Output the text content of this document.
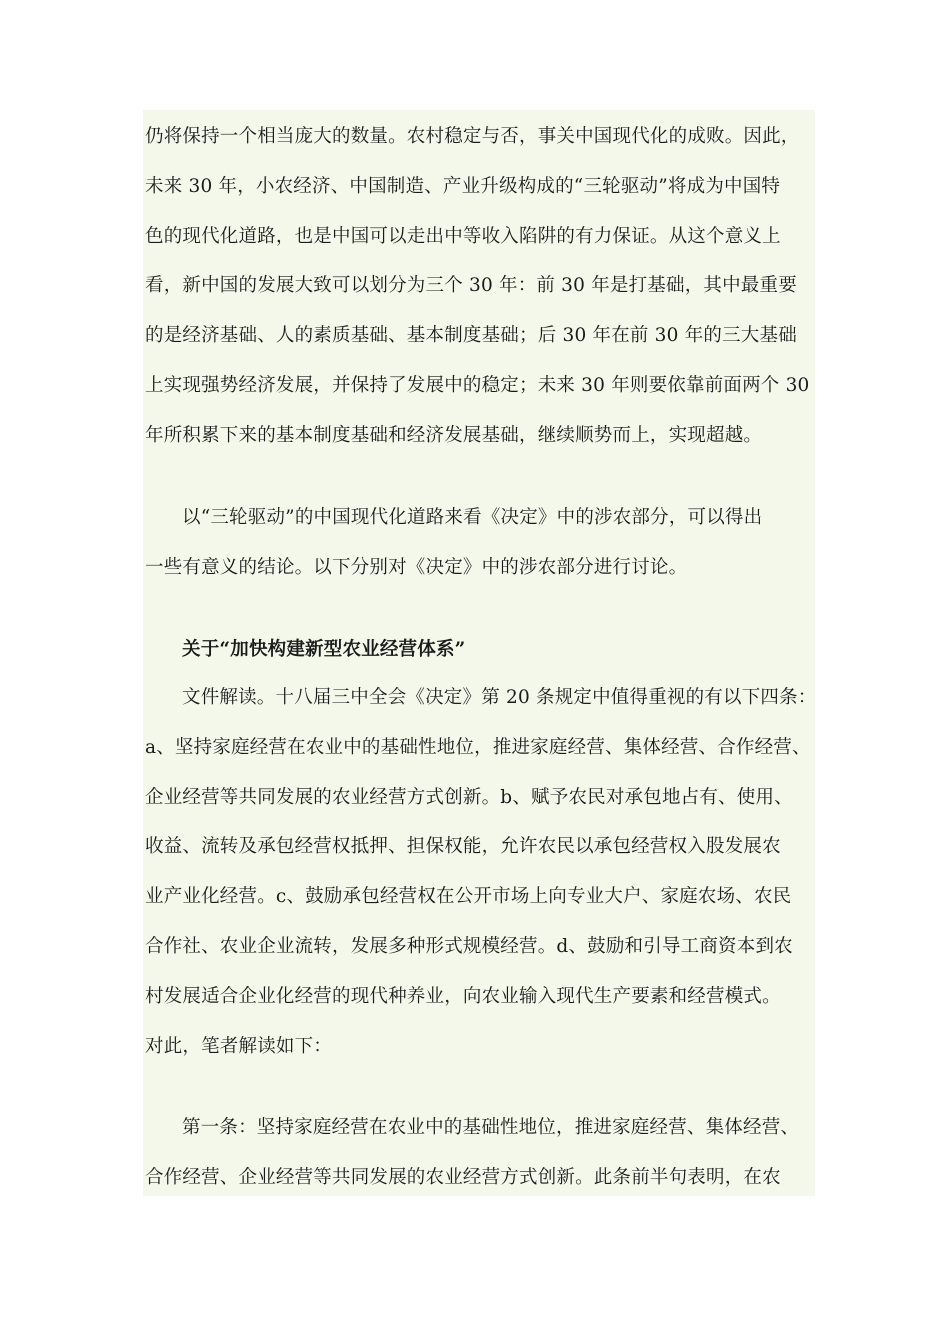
仍将保持一个相当庞大的数量。农村稳定与否，事关中国现代化的成败。因此，
未来 30 年，小农经济、中国制造、产业升级构成的“三轮驱动”将成为中国特
色的现代化道路，也是中国可以走出中等收入陷阱的有力保证。从这个意义上
看，新中国的发展大致可以划分为三个 30 年：前 30 年是打基础，其中最重要
的是经济基础、人的素质基础、基本制度基础；后 30 年在前 30 年的三大基础
上实现强势经济发展，并保持了发展中的稳定；未来 30 年则要依靠前面两个 30
年所积累下来的基本制度基础和经济发展基础，继续顺势而上，实现超越。
以“三轮驱动”的中国现代化道路来看《决定》中的涉农部分，可以得出
一些有意义的结论。以下分别对《决定》中的涉农部分进行讨论。
关于“加快构建新型农业经营体系”
文件解读。十八届三中全会《决定》第 20 条规定中值得重视的有以下四条：
a、坚持家庭经营在农业中的基础性地位，推进家庭经营、集体经营、合作经营、
企业经营等共同发展的农业经营方式创新。b、赋予农民对承包地占有、使用、
收益、流转及承包经营权抵押、担保权能，允许农民以承包经营权入股发展农
业产业化经营。c、鼓励承包经营权在公开市场上向专业大户、家庭农场、农民
合作社、农业企业流转，发展多种形式规模经营。d、鼓励和引导工商资本到农
村发展适合企业化经营的现代种养业，向农业输入现代生产要素和经营模式。
对此，笔者解读如下：
第一条：坚持家庭经营在农业中的基础性地位，推进家庭经营、集体经营、
合作经营、企业经营等共同发展的农业经营方式创新。此条前半句表明，在农
